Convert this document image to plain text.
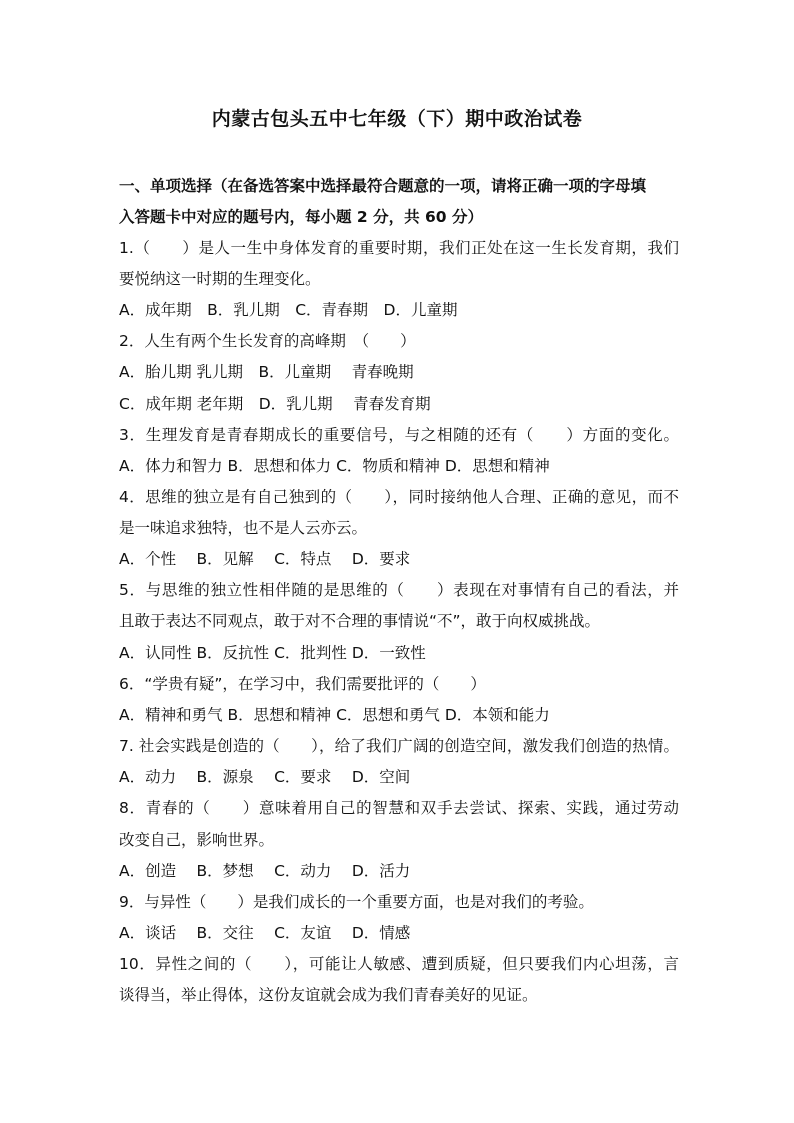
内蒙古包头五中七年级（下）期中政治试卷
一、单项选择（在备选答案中选择最符合题意的一项，请将正确一项的字母填
入答题卡中对应的题号内，每小题 2 分，共 60 分）
1.（　　）是人一生中身体发育的重要时期，我们正处在这一生长发育期，我们
要悦纳这一时期的生理变化。
A．成年期　B．乳儿期　C．青春期　D．儿童期
2．人生有两个生长发育的高峰期　（　　）
A．胎儿期 乳儿期　B．儿童期　 青春晚期
C．成年期 老年期　D．乳儿期　 青春发育期
3．生理发育是青春期成长的重要信号，与之相随的还有（　　）方面的变化。
A．体力和智力 B．思想和体力 C．物质和精神 D．思想和精神
4．思维的独立是有自己独到的（　　），同时接纳他人合理、正确的意见，而不
是一味追求独特，也不是人云亦云。
A．个性　 B．见解　 C．特点　 D．要求
5．与思维的独立性相伴随的是思维的（　　）表现在对事情有自己的看法，并
且敢于表达不同观点，敢于对不合理的事情说“不”，敢于向权威挑战。
A．认同性 B．反抗性 C．批判性 D．一致性
6．“学贵有疑”，在学习中，我们需要批评的（　　）
A．精神和勇气 B．思想和精神 C．思想和勇气 D．本领和能力
7. 社会实践是创造的（　　），给了我们广阔的创造空间，激发我们创造的热情。
A．动力　 B．源泉　 C．要求　 D．空间
8．青春的（　　）意味着用自己的智慧和双手去尝试、探索、实践，通过劳动
改变自己，影响世界。
A．创造　 B．梦想　 C．动力　 D．活力
9．与异性（　　）是我们成长的一个重要方面，也是对我们的考验。
A．谈话　 B．交往　 C．友谊　 D．情感
10．异性之间的（　　），可能让人敏感、遭到质疑，但只要我们内心坦荡，言
谈得当，举止得体，这份友谊就会成为我们青春美好的见证。
